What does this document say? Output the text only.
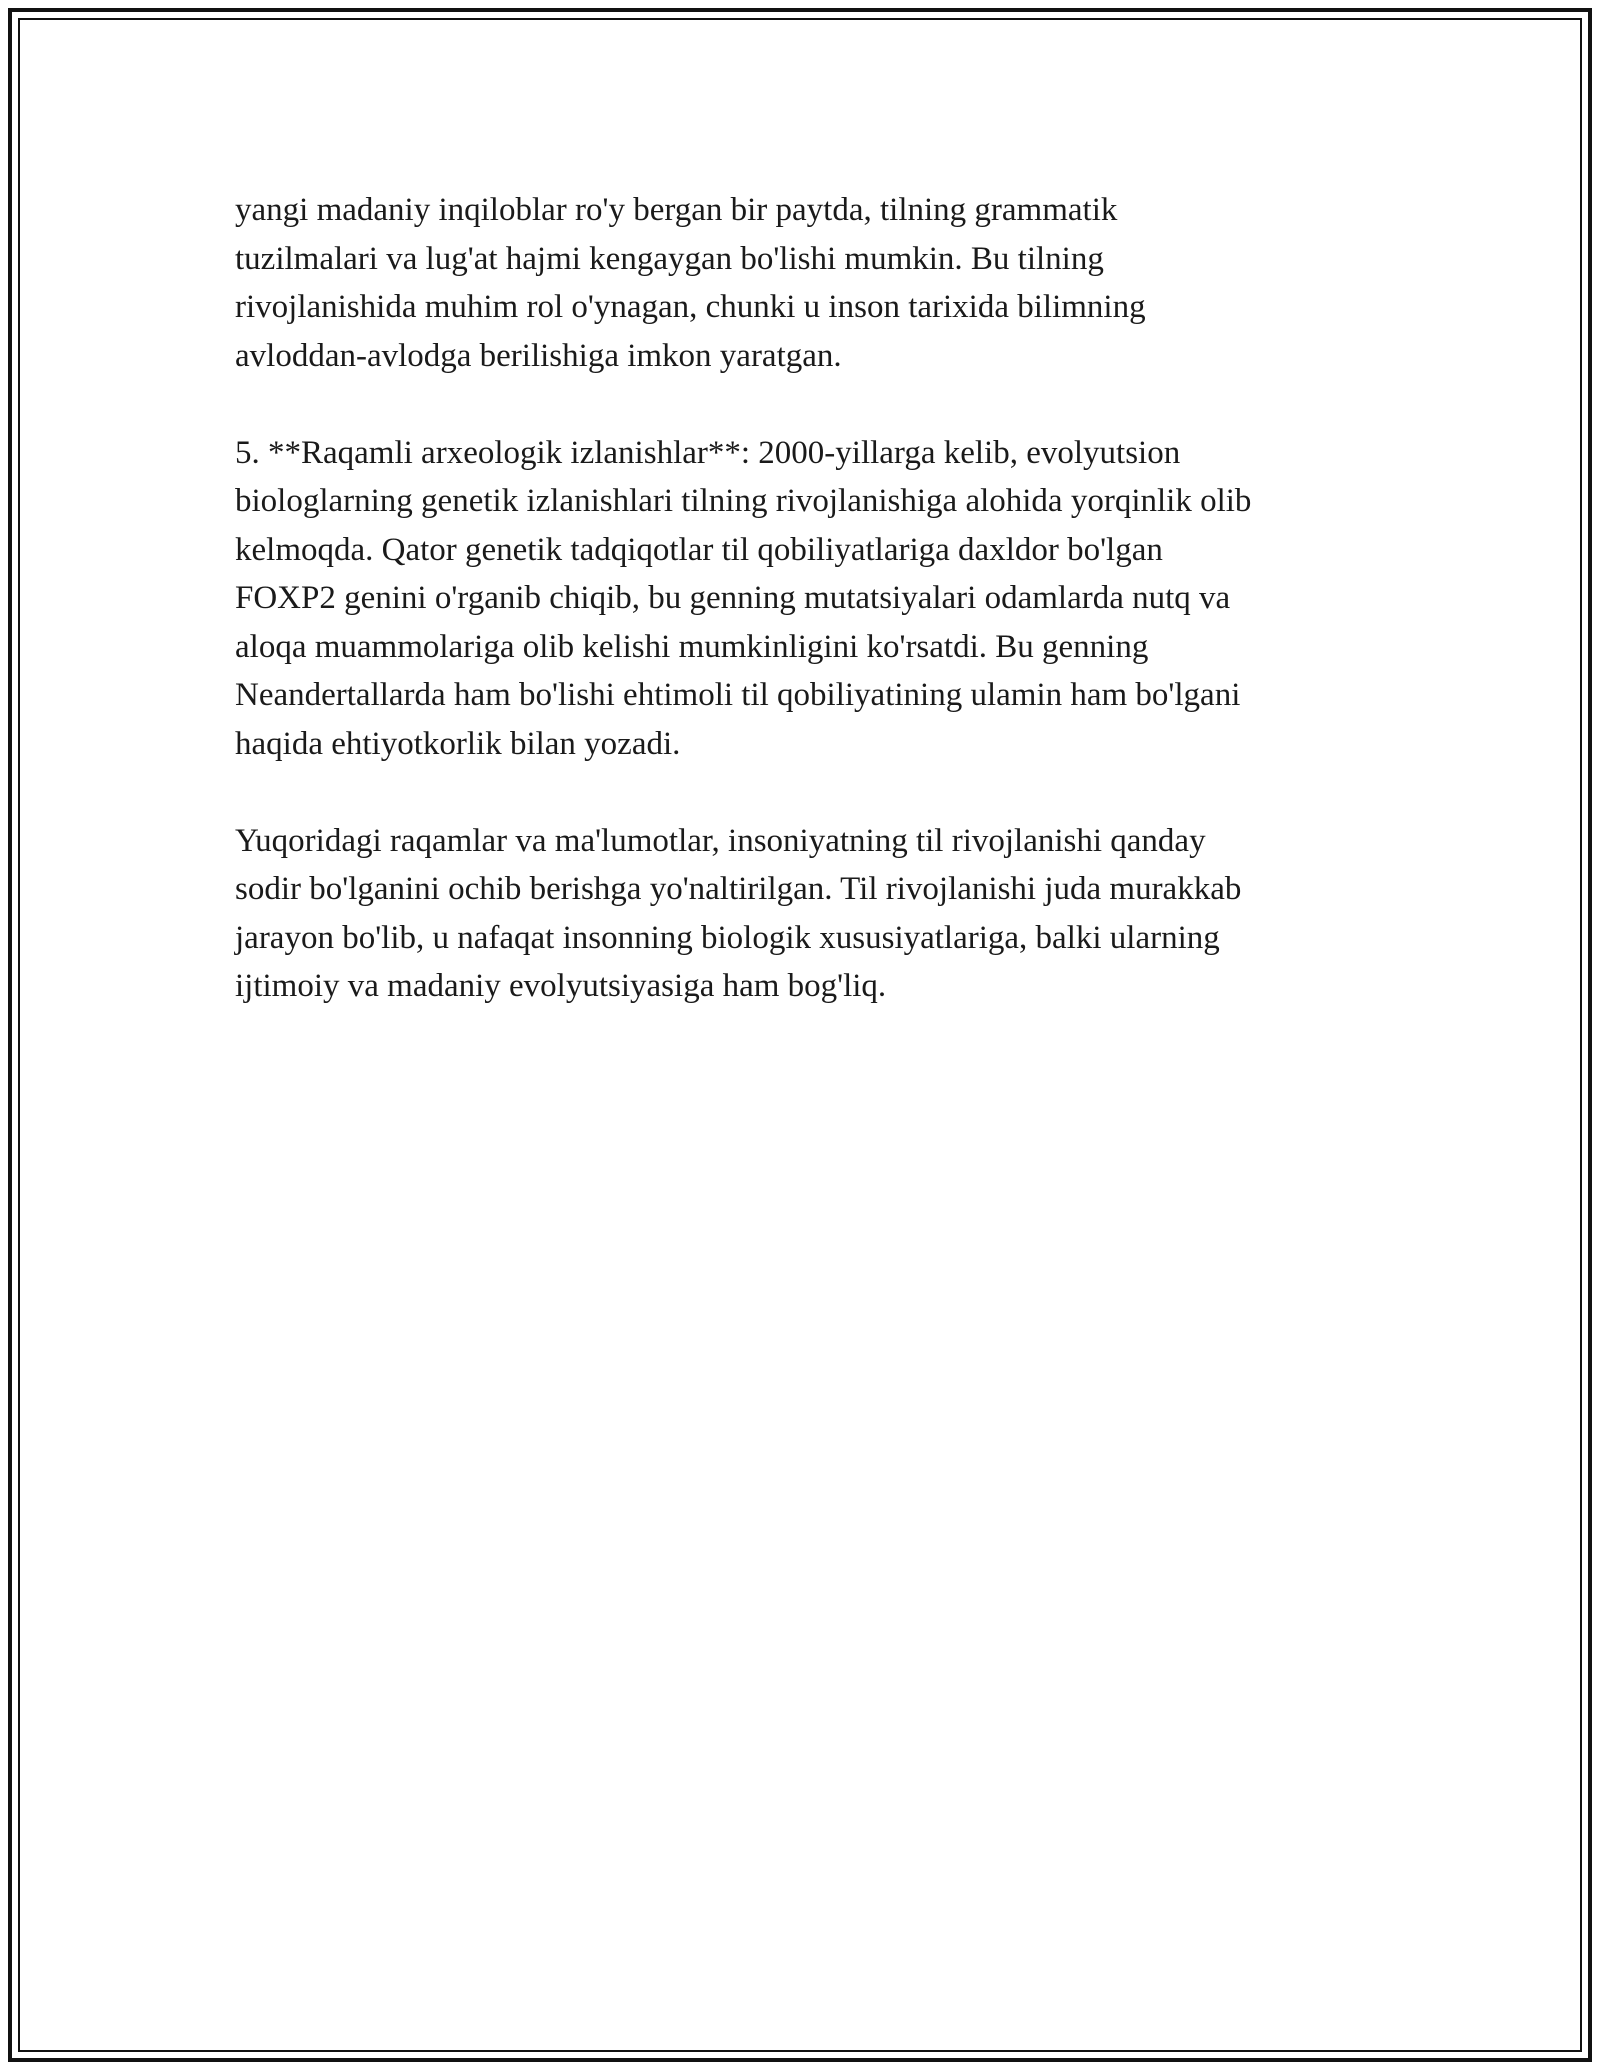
yangi madaniy inqiloblar ro'y bergan bir paytda, tilning grammatik
tuzilmalari va lug'at hajmi kengaygan bo'lishi mumkin. Bu tilning
rivojlanishida muhim rol o'ynagan, chunki u inson tarixida bilimning
avloddan-avlodga berilishiga imkon yaratgan.

5. **Raqamli arxeologik izlanishlar**: 2000-yillarga kelib, evolyutsion
biologlarning genetik izlanishlari tilning rivojlanishiga alohida yorqinlik olib
kelmoqda. Qator genetik tadqiqotlar til qobiliyatlariga daxldor bo'lgan
FOXP2 genini o'rganib chiqib, bu genning mutatsiyalari odamlarda nutq va
aloqa muammolariga olib kelishi mumkinligini ko'rsatdi. Bu genning
Neandertallarda ham bo'lishi ehtimoli til qobiliyatining ulamin ham bo'lgani
haqida ehtiyotkorlik bilan yozadi.

Yuqoridagi raqamlar va ma'lumotlar, insoniyatning til rivojlanishi qanday
sodir bo'lganini ochib berishga yo'naltirilgan. Til rivojlanishi juda murakkab
jarayon bo'lib, u nafaqat insonning biologik xususiyatlariga, balki ularning
ijtimoiy va madaniy evolyutsiyasiga ham bog'liq.
